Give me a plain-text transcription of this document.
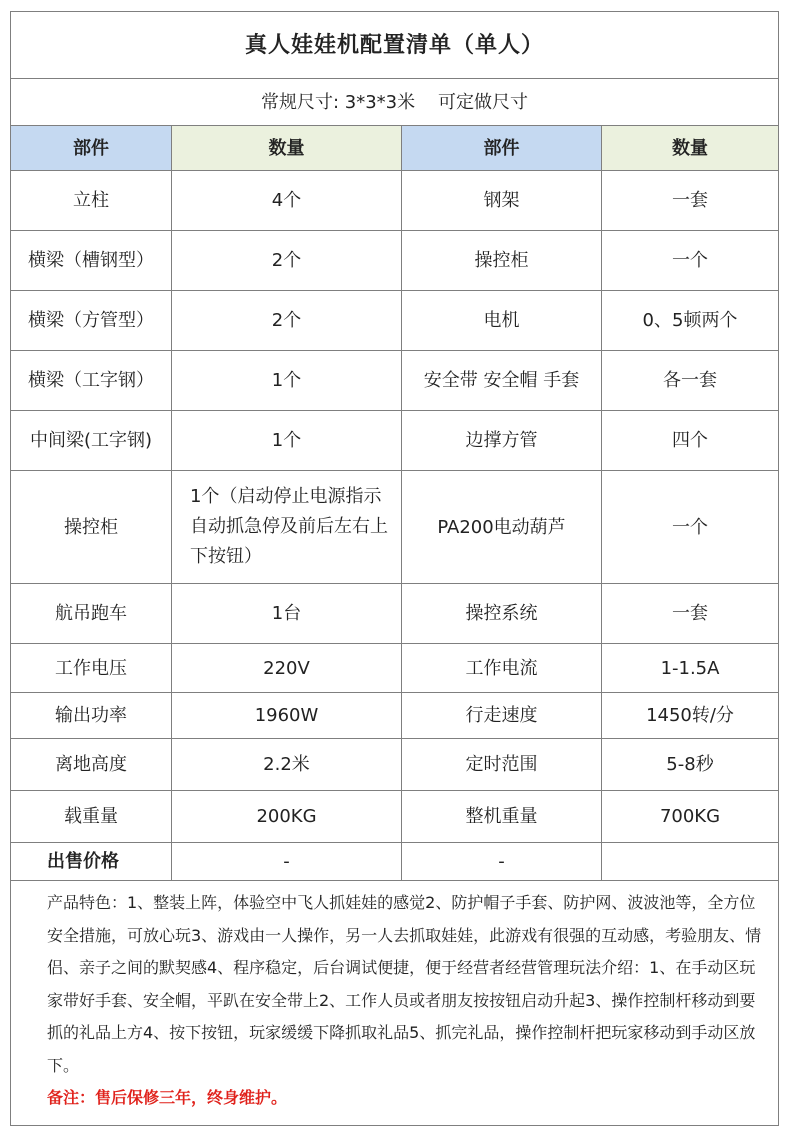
真人娃娃机配置清单（单人）			
常规尺寸: 3*3*3米    可定做尺寸			
部件	数量	部件	数量
立柱	4个	钢架	一套
横梁（槽钢型）	2个	操控柜	一个
横梁（方管型）	2个	电机	0、5顿两个
横梁（工字钢）	1个	安全带 安全帽 手套	各一套
中间梁(工字钢)	1个	边撑方管	四个
操控柜	1个（启动停止电源指示自动抓急停及前后左右上下按钮）	PA200电动葫芦	一个
航吊跑车	1台	操控系统	一套
工作电压	220V	工作电流	1-1.5A
输出功率	1960W	行走速度	1450转/分
离地高度	2.2米	定时范围	5-8秒
载重量	200KG	整机重量	700KG
出售价格	-	-	

产品特色：1、整装上阵，体验空中飞人抓娃娃的感觉2、防护帽子手套、防护网、波波池等，全方位安全措施，可放心玩3、游戏由一人操作，另一人去抓取娃娃，此游戏有很强的互动感，考验朋友、情侣、亲子之间的默契感4、程序稳定，后台调试便捷，便于经营者经营管理玩法介绍：1、在手动区玩家带好手套、安全帽，平趴在安全带上2、工作人员或者朋友按按钮启动升起3、操作控制杆移动到要抓的礼品上方4、按下按钮，玩家缓缓下降抓取礼品5、抓完礼品，操作控制杆把玩家移动到手动区放下。
备注：售后保修三年，终身维护。			
